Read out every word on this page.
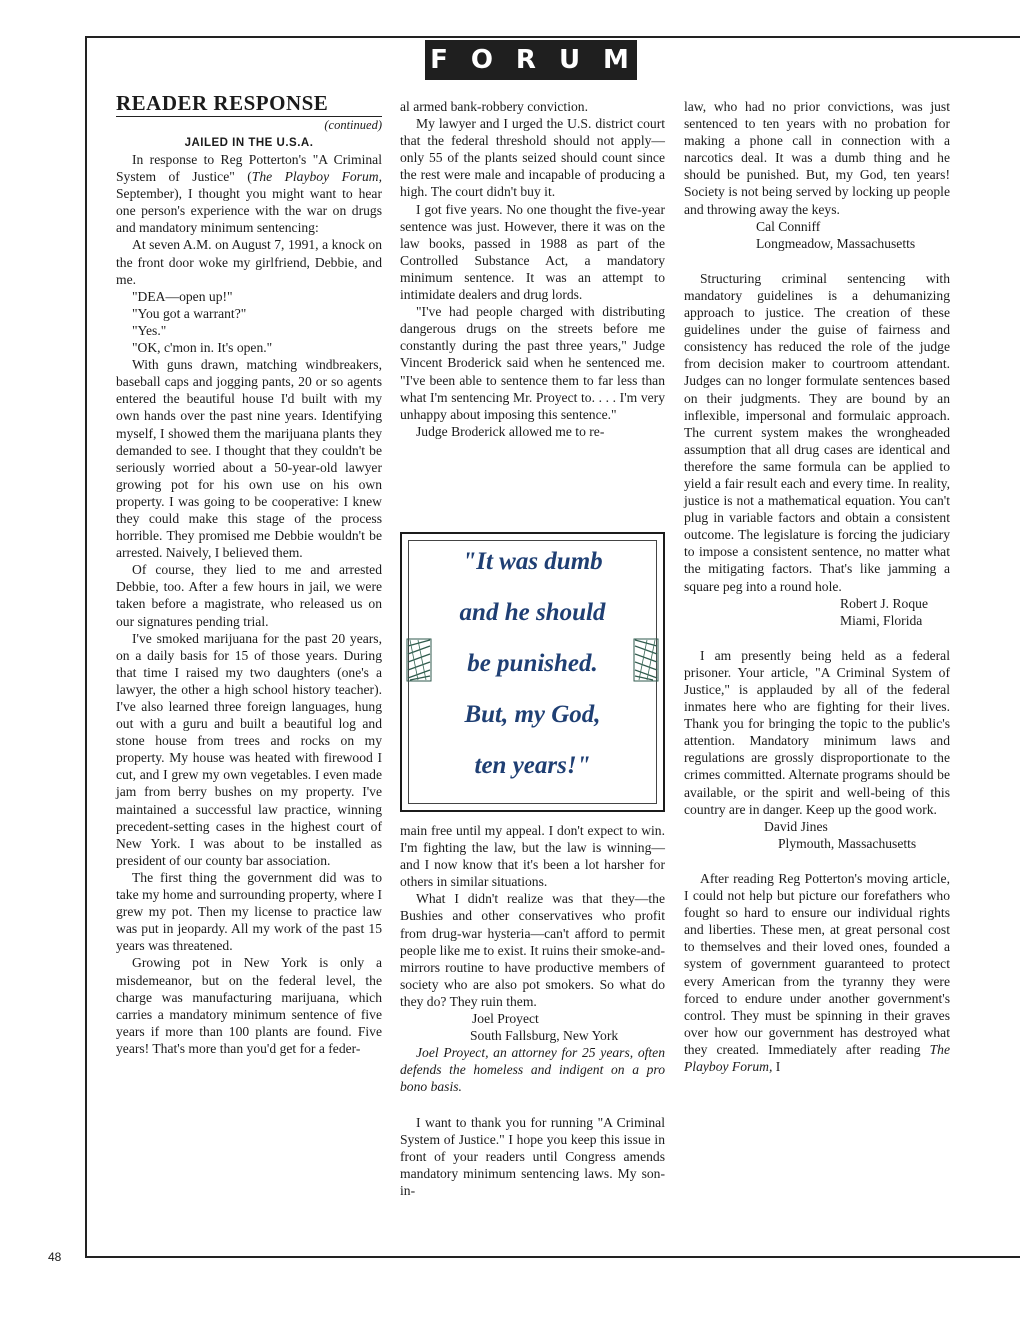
FORUM
READER RESPONSE
(continued)
JAILED IN THE U.S.A.

In response to Reg Potterton's "A Criminal System of Justice" (The Playboy Forum, September), I thought you might want to hear one person's experience with the war on drugs and mandatory minimum sentencing:

At seven A.M. on August 7, 1991, a knock on the front door woke my girlfriend, Debbie, and me.

"DEA—open up!"

"You got a warrant?"

"Yes."

"OK, c'mon in. It's open."

With guns drawn, matching windbreakers, baseball caps and jogging pants, 20 or so agents entered the beautiful house I'd built with my own hands over the past nine years. Identifying myself, I showed them the marijuana plants they demanded to see. I thought that they couldn't be seriously worried about a 50-year-old lawyer growing pot for his own use on his own property. I was going to be cooperative: I knew they could make this stage of the process horrible. They promised me Debbie wouldn't be arrested. Naively, I believed them.

Of course, they lied to me and arrested Debbie, too. After a few hours in jail, we were taken before a magistrate, who released us on our signatures pending trial.

I've smoked marijuana for the past 20 years, on a daily basis for 15 of those years. During that time I raised my two daughters (one's a lawyer, the other a high school history teacher). I've also learned three foreign languages, hung out with a guru and built a beautiful log and stone house from trees and rocks on my property. My house was heated with firewood I cut, and I grew my own vegetables. I even made jam from berry bushes on my property. I've maintained a successful law practice, winning precedent-setting cases in the highest court of New York. I was about to be installed as president of our county bar association.

The first thing the government did was to take my home and surrounding property, where I grew my pot. Then my license to practice law was put in jeopardy. All my work of the past 15 years was threatened.

Growing pot in New York is only a misdemeanor, but on the federal level, the charge was manufacturing marijuana, which carries a mandatory minimum sentence of five years if more than 100 plants are found. Five years! That's more than you'd get for a feder-

al armed bank-robbery conviction.

My lawyer and I urged the U.S. district court that the federal threshold should not apply—only 55 of the plants seized should count since the rest were male and incapable of producing a high. The court didn't buy it.

I got five years. No one thought the five-year sentence was just. However, there it was on the law books, passed in 1988 as part of the Controlled Substance Act, a mandatory minimum sentence. It was an attempt to intimidate dealers and drug lords.

"I've had people charged with distributing dangerous drugs on the streets before me constantly during the past three years," Judge Vincent Broderick said when he sentenced me. "I've been able to sentence them to far less than what I'm sentencing Mr. Proyect to. . . . I'm very unhappy about imposing this sentence."

Judge Broderick allowed me to re-

"It was dumb
and he should
be punished.
But, my God,
ten years!"

main free until my appeal. I don't expect to win. I'm fighting the law, but the law is winning—and I now know that it's been a lot harsher for others in similar situations.

What I didn't realize was that they—the Bushies and other conservatives who profit from drug-war hysteria—can't afford to permit people like me to exist. It ruins their smoke-and-mirrors routine to have productive members of society who are also pot smokers. So what do they do? They ruin them.

Joel Proyect

South Fallsburg, New York

Joel Proyect, an attorney for 25 years, often defends the homeless and indigent on a pro bono basis.

I want to thank you for running "A Criminal System of Justice." I hope you keep this issue in front of your readers until Congress amends mandatory minimum sentencing laws. My son-in-

law, who had no prior convictions, was just sentenced to ten years with no probation for making a phone call in connection with a narcotics deal. It was a dumb thing and he should be punished. But, my God, ten years! Society is not being served by locking up people and throwing away the keys.

Cal Conniff

Longmeadow, Massachusetts

Structuring criminal sentencing with mandatory guidelines is a dehumanizing approach to justice. The creation of these guidelines under the guise of fairness and consistency has reduced the role of the judge from decision maker to courtroom attendant. Judges can no longer formulate sentences based on their judgments. They are bound by an inflexible, impersonal and formulaic approach. The current system makes the wrongheaded assumption that all drug cases are identical and therefore the same formula can be applied to yield a fair result each and every time. In reality, justice is not a mathematical equation. You can't plug in variable factors and obtain a consistent outcome. The legislature is forcing the judiciary to impose a consistent sentence, no matter what the mitigating factors. That's like jamming a square peg into a round hole.

Robert J. Roque

Miami, Florida

I am presently being held as a federal prisoner. Your article, "A Criminal System of Justice," is applauded by all of the federal inmates here who are fighting for their lives. Thank you for bringing the topic to the public's attention. Mandatory minimum laws and regulations are grossly disproportionate to the crimes committed. Alternate programs should be available, or the spirit and well-being of this country are in danger. Keep up the good work.

David Jines

Plymouth, Massachusetts

After reading Reg Potterton's moving article, I could not help but picture our forefathers who fought so hard to ensure our individual rights and liberties. These men, at great personal cost to themselves and their loved ones, founded a system of government guaranteed to protect every American from the tyranny they were forced to endure under another government's control. They must be spinning in their graves over how our government has destroyed what they created. Immediately after reading The Playboy Forum, I

48
